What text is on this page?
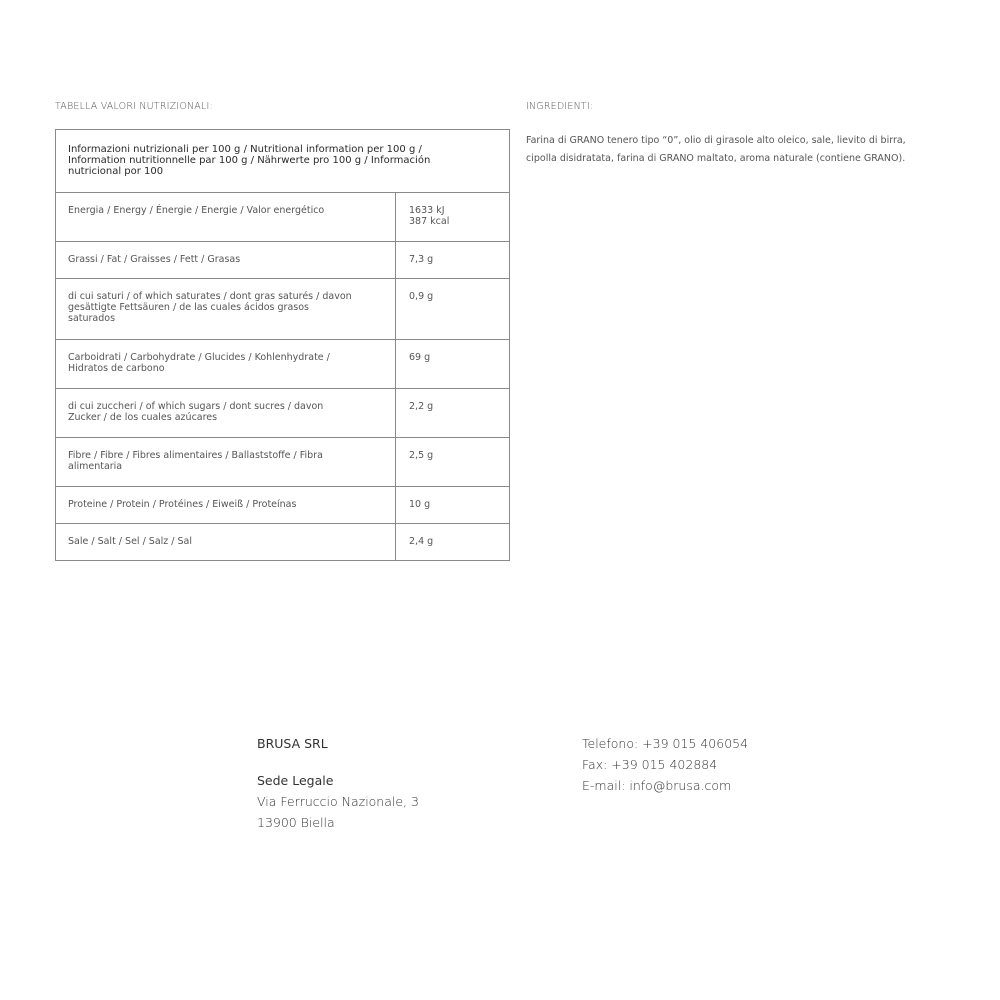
TABELLA VALORI NUTRIZIONALI:
Informazioni nutrizionali per 100 g / Nutritional information per 100 g /
Information nutritionnelle par 100 g / Nährwerte pro 100 g / Información
nutricional por 100	

Energia / Energy / Énergie / Energie / Valor energético	1633 kJ
387 kcal

Grassi / Fat / Graisses / Fett / Grasas	7,3 g

di cui saturi / of which saturates / dont gras saturés / davon
gesättigte Fettsäuren / de las cuales ácidos grasos
saturados	0,9 g

Carboidrati / Carbohydrate / Glucides / Kohlenhydrate /
Hidratos de carbono	69 g

di cui zuccheri / of which sugars / dont sucres / davon
Zucker / de los cuales azúcares	2,2 g

Fibre / Fibre / Fibres alimentaires / Ballaststoffe / Fibra
alimentaria	2,5 g

Proteine / Protein / Protéines / Eiweiß / Proteínas	10 g

Sale / Salt / Sel / Salz / Sal	2,4 g
INGREDIENTI:
Farina di GRANO tenero tipo “0”, olio di girasole alto oleico, sale, lievito di birra,
cipolla disidratata, farina di GRANO maltato, aroma naturale (contiene GRANO).
BRUSA SRL
Sede Legale
Via Ferruccio Nazionale, 3
13900 Biella
Telefono: +39 015 406054
Fax: +39 015 402884
E-mail: info@brusa.com
